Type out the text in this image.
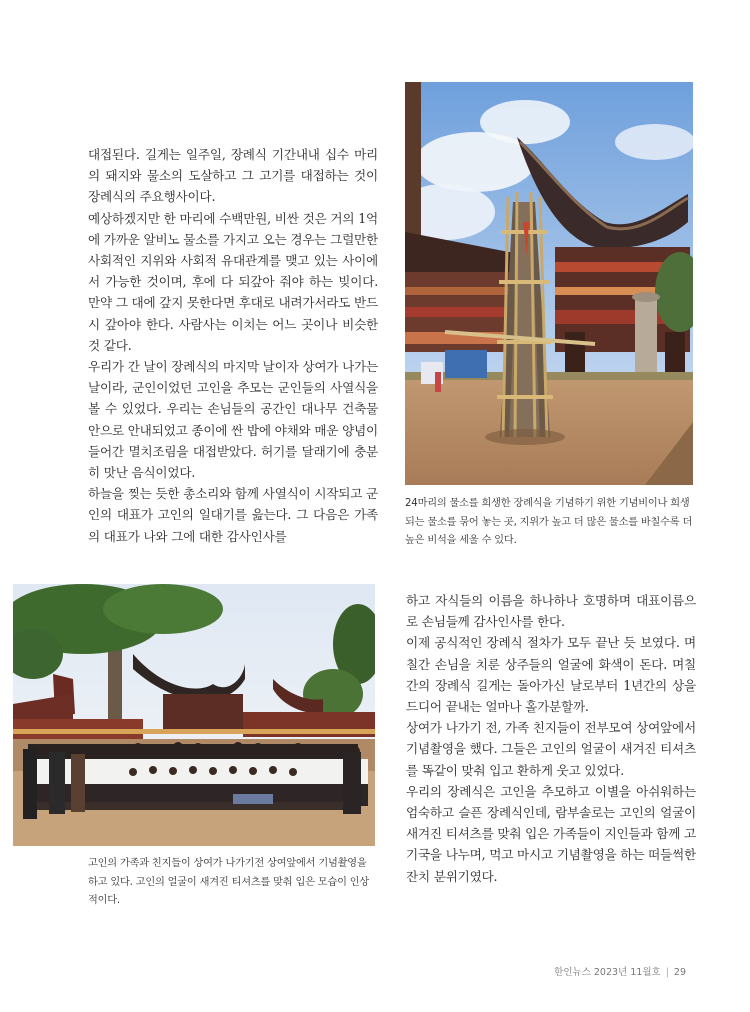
대접된다. 길게는 일주일, 장례식 기간내내 십수 마리의 돼지와 물소의 도살하고 그 고기를 대접하는 것이 장례식의 주요행사이다.

예상하겠지만 한 마리에 수백만원, 비싼 것은 거의 1억에 가까운 알비노 물소를 가지고 오는 경우는 그럴만한 사회적인 지위와 사회적 유대관계를 맺고 있는 사이에서 가능한 것이며, 후에 다 되갚아 줘야 하는 빚이다. 만약 그 대에 갚지 못한다면 후대로 내려가서라도 반드시 갚아야 한다. 사람사는 이치는 어느 곳이나 비슷한 것 같다.

우리가 간 날이 장례식의 마지막 날이자 상여가 나가는 날이라, 군인이었던 고인을 추모는 군인들의 사열식을 볼 수 있었다. 우리는 손님들의 공간인 대나무 건축물안으로 안내되었고 종이에 싼 밥에 야채와 매운 양념이 들어간 멸치조림을 대접받았다. 허기를 달래기에 충분히 맛난 음식이었다.

하늘을 찢는 듯한 총소리와 함께 사열식이 시작되고 군인의 대표가 고인의 일대기를 읊는다. 그 다음은 가족의 대표가 나와 그에 대한 감사인사를

24마리의 물소를 희생한 장례식을 기념하기 위한 기념비이나 희생되는 물소를 묶어 놓는 곳, 지위가 높고 더 많은 물소를 바칠수록 더 높은 비석을 세울 수 있다.
고인의 가족과 친지들이 상여가 나가기전 상여앞에서 기념촬영을 하고 있다. 고인의 얼굴이 새겨진 티셔츠를 맞춰 입은 모습이 인상적이다.

하고 자식들의 이름을 하나하나 호명하며 대표이름으로 손님들께 감사인사를 한다.

이제 공식적인 장례식 절차가 모두 끝난 듯 보였다. 며칠간 손님을 치룬 상주들의 얼굴에 화색이 돈다. 며칠 간의 장례식 길게는 돌아가신 날로부터 1년간의 상을 드디어 끝내는 얼마나 홀가분할까.

상여가 나가기 전, 가족 친지들이 전부모여 상여앞에서 기념촬영을 했다. 그들은 고인의 얼굴이 새겨진 티셔츠를 똑같이 맞춰 입고 환하게 웃고 있었다.

우리의 장례식은 고인을 추모하고 이별을 아쉬워하는 엄숙하고 슬픈 장례식인데, 람부솔로는 고인의 얼굴이 새겨진 티셔츠를 맞춰 입은 가족들이 지인들과 함께 고기국을 나누며, 먹고 마시고 기념촬영을 하는 떠들썩한 잔치 분위기였다.

한인뉴스 2023년 11월호 | 29
